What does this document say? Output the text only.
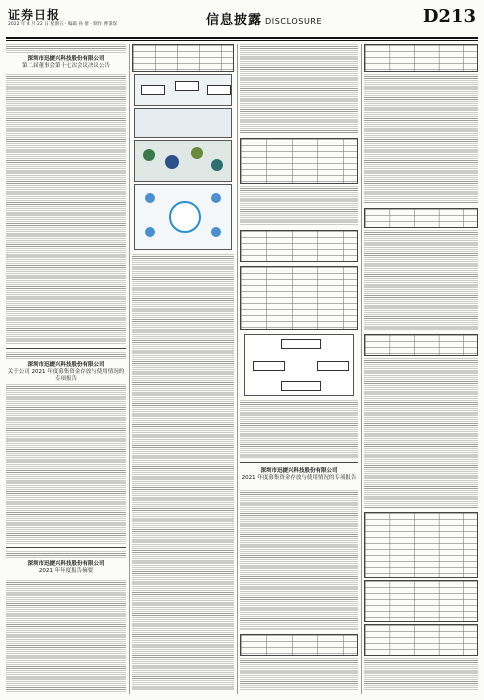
证券日报
2022 年 4 月 22 日 星期五 · 编辑 孙 倩 · 制作 曹秉琛	信息披露 DISCLOSURE	D213
深圳市迅捷兴科技股份有限公司
第二届董事会第十七次会议决议公告
深圳市迅捷兴科技股份有限公司
关于公司 2021 年度募集资金存放与使用情况的专项报告
深圳市迅捷兴科技股份有限公司
2021 年年度报告摘要
深圳市迅捷兴科技股份有限公司
2021 年度募集资金存放与使用情况的专项报告
